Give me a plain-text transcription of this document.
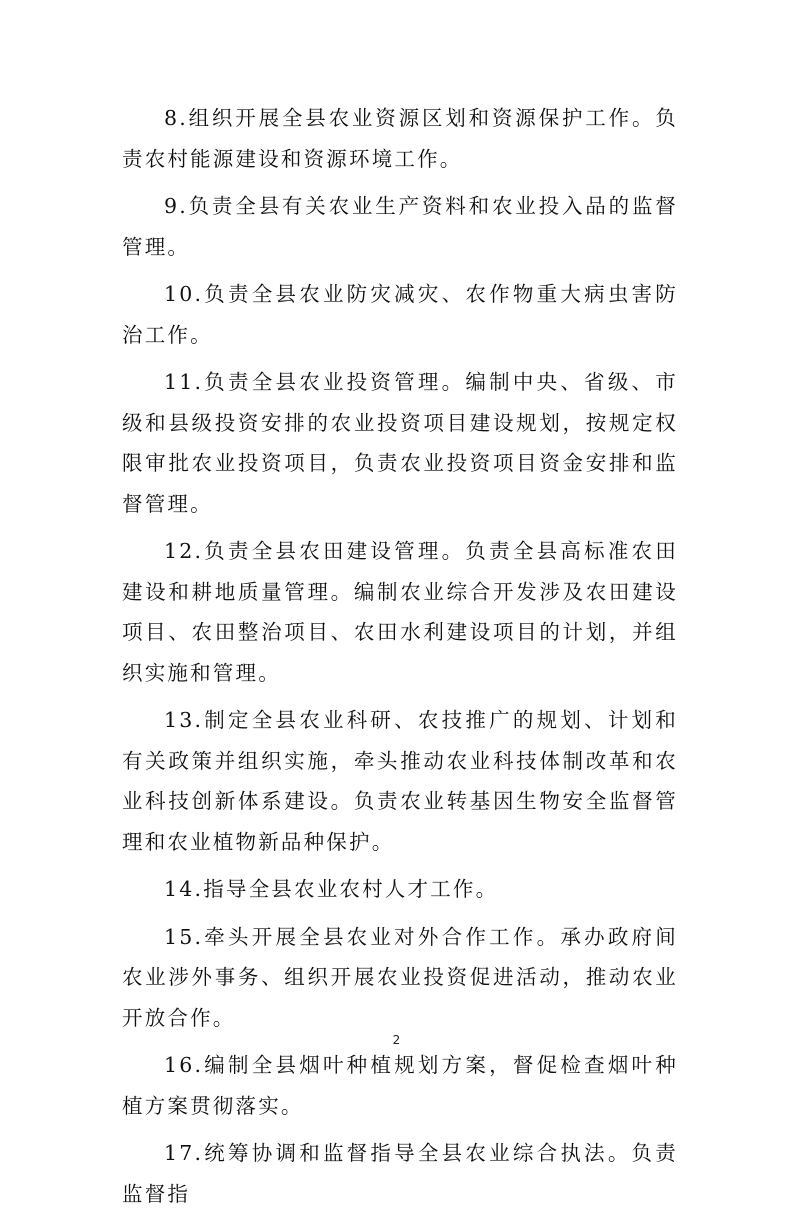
8.组织开展全县农业资源区划和资源保护工作。负责农村能源建设和资源环境工作。

9.负责全县有关农业生产资料和农业投入品的监督管理。

10.负责全县农业防灾减灾、农作物重大病虫害防治工作。

11.负责全县农业投资管理。编制中央、省级、市级和县级投资安排的农业投资项目建设规划，按规定权限审批农业投资项目，负责农业投资项目资金安排和监督管理。

12.负责全县农田建设管理。负责全县高标准农田建设和耕地质量管理。编制农业综合开发涉及农田建设项目、农田整治项目、农田水利建设项目的计划，并组织实施和管理。

13.制定全县农业科研、农技推广的规划、计划和有关政策并组织实施，牵头推动农业科技体制改革和农业科技创新体系建设。负责农业转基因生物安全监督管理和农业植物新品种保护。

14.指导全县农业农村人才工作。

15.牵头开展全县农业对外合作工作。承办政府间农业涉外事务、组织开展农业投资促进活动，推动农业开放合作。

16.编制全县烟叶种植规划方案，督促检查烟叶种植方案贯彻落实。

17.统筹协调和监督指导全县农业综合执法。负责监督指

2
